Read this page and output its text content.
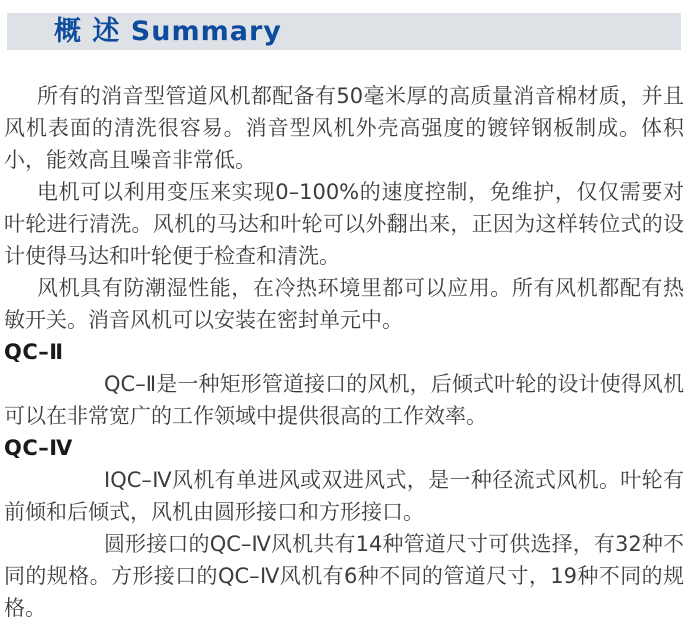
概 述 Summary

所有的消音型管道风机都配备有50毫米厚的高质量消音棉材质，并且风机表面的清洗很容易。消音型风机外壳高强度的镀锌钢板制成。体积小，能效高且噪音非常低。

电机可以利用变压来实现0–100%的速度控制，免维护，仅仅需要对叶轮进行清洗。风机的马达和叶轮可以外翻出来，正因为这样转位式的设计使得马达和叶轮便于检查和清洗。

风机具有防潮湿性能，在冷热环境里都可以应用。所有风机都配有热敏开关。消音风机可以安装在密封单元中。

QC–Ⅱ

QC–Ⅱ是一种矩形管道接口的风机，后倾式叶轮的设计使得风机可以在非常宽广的工作领域中提供很高的工作效率。

QC–Ⅳ

IQC–Ⅳ风机有单进风或双进风式，是一种径流式风机。叶轮有前倾和后倾式，风机由圆形接口和方形接口。

圆形接口的QC–Ⅳ风机共有14种管道尺寸可供选择，有32种不同的规格。方形接口的QC–Ⅳ风机有6种不同的管道尺寸，19种不同的规格。
